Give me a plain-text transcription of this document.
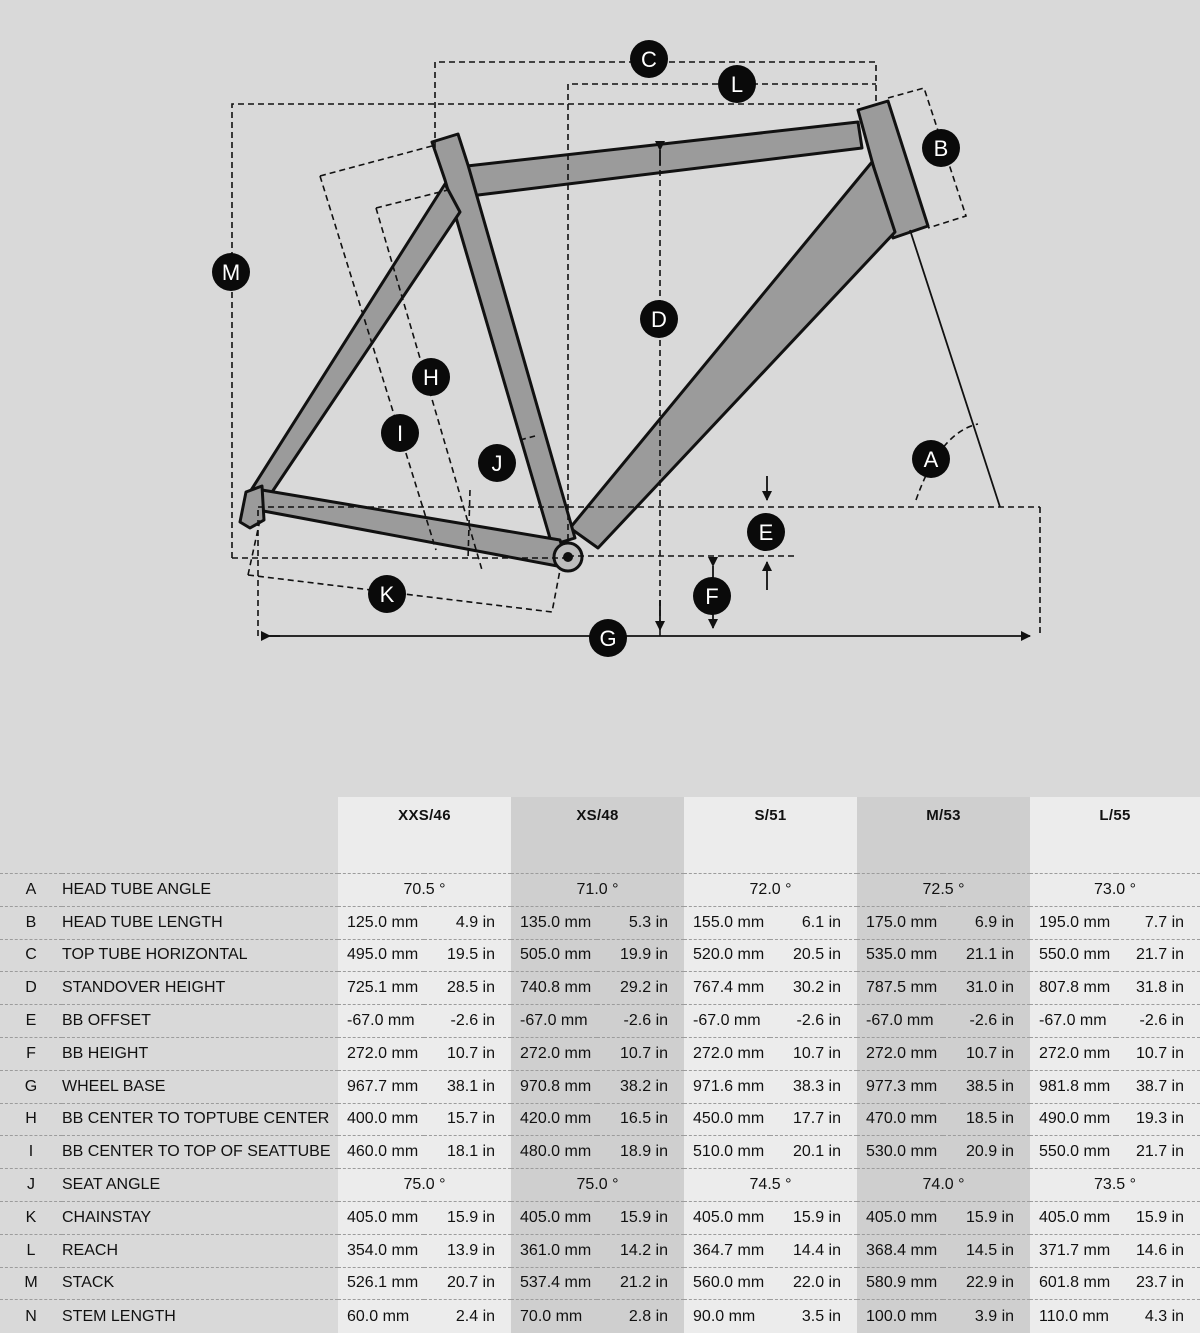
A
B
C
D
E
F
G
H
I
J
K
L
M
		XXS/46		XS/48		S/51		M/53		L/55	
A	HEAD TUBE ANGLE	70.5 °		71.0 °		72.0 °		72.5 °		73.0 °	
B	HEAD TUBE LENGTH	125.0 mm	4.9 in	135.0 mm	5.3 in	155.0 mm	6.1 in	175.0 mm	6.9 in	195.0 mm	7.7 in
C	TOP TUBE HORIZONTAL	495.0 mm	19.5 in	505.0 mm	19.9 in	520.0 mm	20.5 in	535.0 mm	21.1 in	550.0 mm	21.7 in
D	STANDOVER HEIGHT	725.1 mm	28.5 in	740.8 mm	29.2 in	767.4 mm	30.2 in	787.5 mm	31.0 in	807.8 mm	31.8 in
E	BB OFFSET	-67.0 mm	-2.6 in	-67.0 mm	-2.6 in	-67.0 mm	-2.6 in	-67.0 mm	-2.6 in	-67.0 mm	-2.6 in
F	BB HEIGHT	272.0 mm	10.7 in	272.0 mm	10.7 in	272.0 mm	10.7 in	272.0 mm	10.7 in	272.0 mm	10.7 in
G	WHEEL BASE	967.7 mm	38.1 in	970.8 mm	38.2 in	971.6 mm	38.3 in	977.3 mm	38.5 in	981.8 mm	38.7 in
H	BB CENTER TO TOPTUBE CENTER	400.0 mm	15.7 in	420.0 mm	16.5 in	450.0 mm	17.7 in	470.0 mm	18.5 in	490.0 mm	19.3 in
I	BB CENTER TO TOP OF SEATTUBE	460.0 mm	18.1 in	480.0 mm	18.9 in	510.0 mm	20.1 in	530.0 mm	20.9 in	550.0 mm	21.7 in
J	SEAT ANGLE	75.0 °		75.0 °		74.5 °		74.0 °		73.5 °	
K	CHAINSTAY	405.0 mm	15.9 in	405.0 mm	15.9 in	405.0 mm	15.9 in	405.0 mm	15.9 in	405.0 mm	15.9 in
L	REACH	354.0 mm	13.9 in	361.0 mm	14.2 in	364.7 mm	14.4 in	368.4 mm	14.5 in	371.7 mm	14.6 in
M	STACK	526.1 mm	20.7 in	537.4 mm	21.2 in	560.0 mm	22.0 in	580.9 mm	22.9 in	601.8 mm	23.7 in
N	STEM LENGTH	60.0 mm	2.4 in	70.0 mm	2.8 in	90.0 mm	3.5 in	100.0 mm	3.9 in	110.0 mm	4.3 in
